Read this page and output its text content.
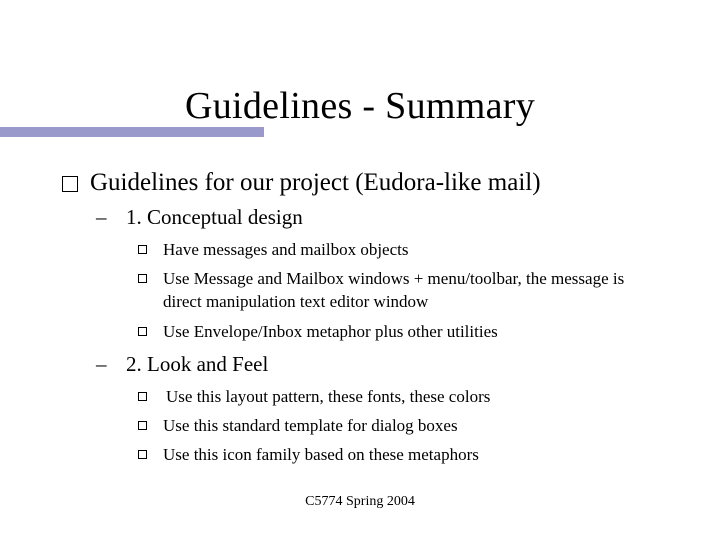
Guidelines - Summary
Guidelines for our project (Eudora-like mail)
– 1. Conceptual design
Have messages and mailbox objects
Use Message and Mailbox windows + menu/toolbar, the message is direct manipulation text editor window
Use Envelope/Inbox metaphor plus other utilities
– 2. Look and Feel
Use this layout pattern, these fonts, these colors
Use this standard template for dialog boxes
Use this icon family based on these metaphors
C5774 Spring 2004
